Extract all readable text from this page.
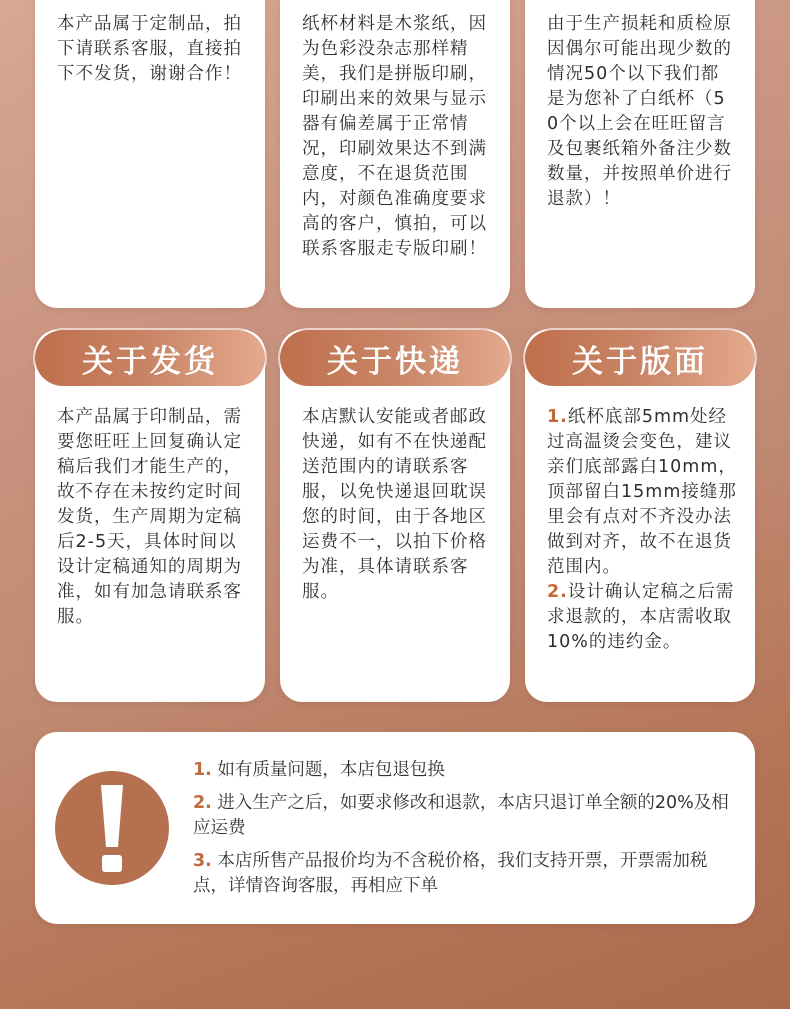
本产品属于定制品，拍下请联系客服，直接拍下不发货，谢谢合作！
纸杯材料是木浆纸，因为色彩没杂志那样精美，我们是拼版印刷，印刷出来的效果与显示器有偏差属于正常情况，印刷效果达不到满意度，不在退货范围内，对颜色准确度要求高的客户，慎拍，可以联系客服走专版印刷！
由于生产损耗和质检原因偶尔可能出现少数的情况50个以下我们都是为您补了白纸杯（50个以上会在旺旺留言及包裹纸箱外备注少数数量，并按照单价进行退款）！
本产品属于印制品，需要您旺旺上回复确认定稿后我们才能生产的，故不存在未按约定时间发货，生产周期为定稿后2-5天，具体时间以设计定稿通知的周期为准，如有加急请联系客服。
关于发货
本店默认安能或者邮政快递，如有不在快递配送范围内的请联系客服，以免快递退回耽误您的时间，由于各地区运费不一，以拍下价格为准，具体请联系客服。
关于快递
1.纸杯底部5mm处经过高温烫会变色，建议亲们底部露白10mm，顶部留白15mm接缝那里会有点对不齐没办法做到对齐，故不在退货范围内。
2.设计确认定稿之后需求退款的，本店需收取10%的违约金。
关于版面
1. 如有质量问题，本店包退包换
2. 进入生产之后，如要求修改和退款，本店只退订单全额的20%及相应运费
3. 本店所售产品报价均为不含税价格，我们支持开票，开票需加税点，详情咨询客服，再相应下单
